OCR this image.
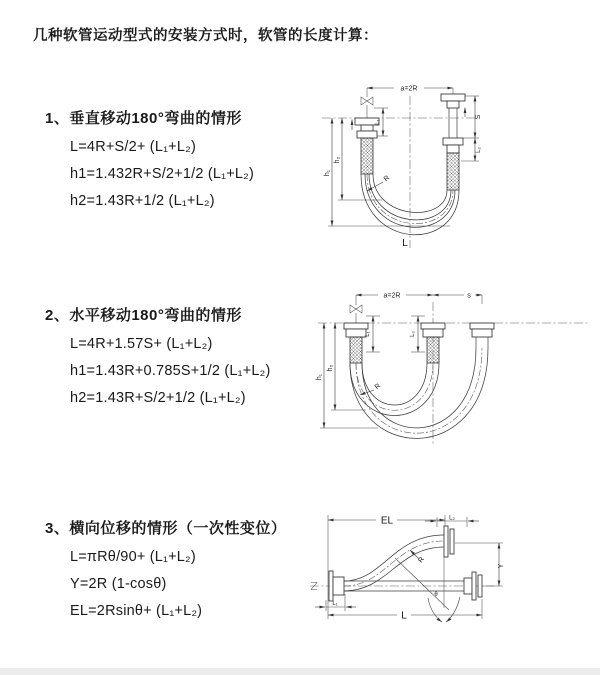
几种软管运动型式的安装方式时，软管的长度计算：
1、垂直移动180°弯曲的情形
L=4R+S/2+ (L₁+L₂)
h1=1.432R+S/2+1/2 (L₁+L₂)
h2=1.43R+1/2 (L₁+L₂)
2、水平移动180°弯曲的情形
L=4R+1.57S+ (L₁+L₂)
h1=1.43R+0.785S+1/2 (L₁+L₂)
h2=1.43R+S/2+1/2 (L₁+L₂)
3、横向位移的情形（一次性变位）
L=πRθ/90+ (L₁+L₂)
Y=2R (1-cosθ)
EL=2Rsinθ+ (L₁+L₂)
a=2R
L₁
h₁
h₂
S
L₂
R
L
a=2R	s
h₁
h₂
L₁	L₂
R
EL	L₂
Y
R
θ
L
L₁
